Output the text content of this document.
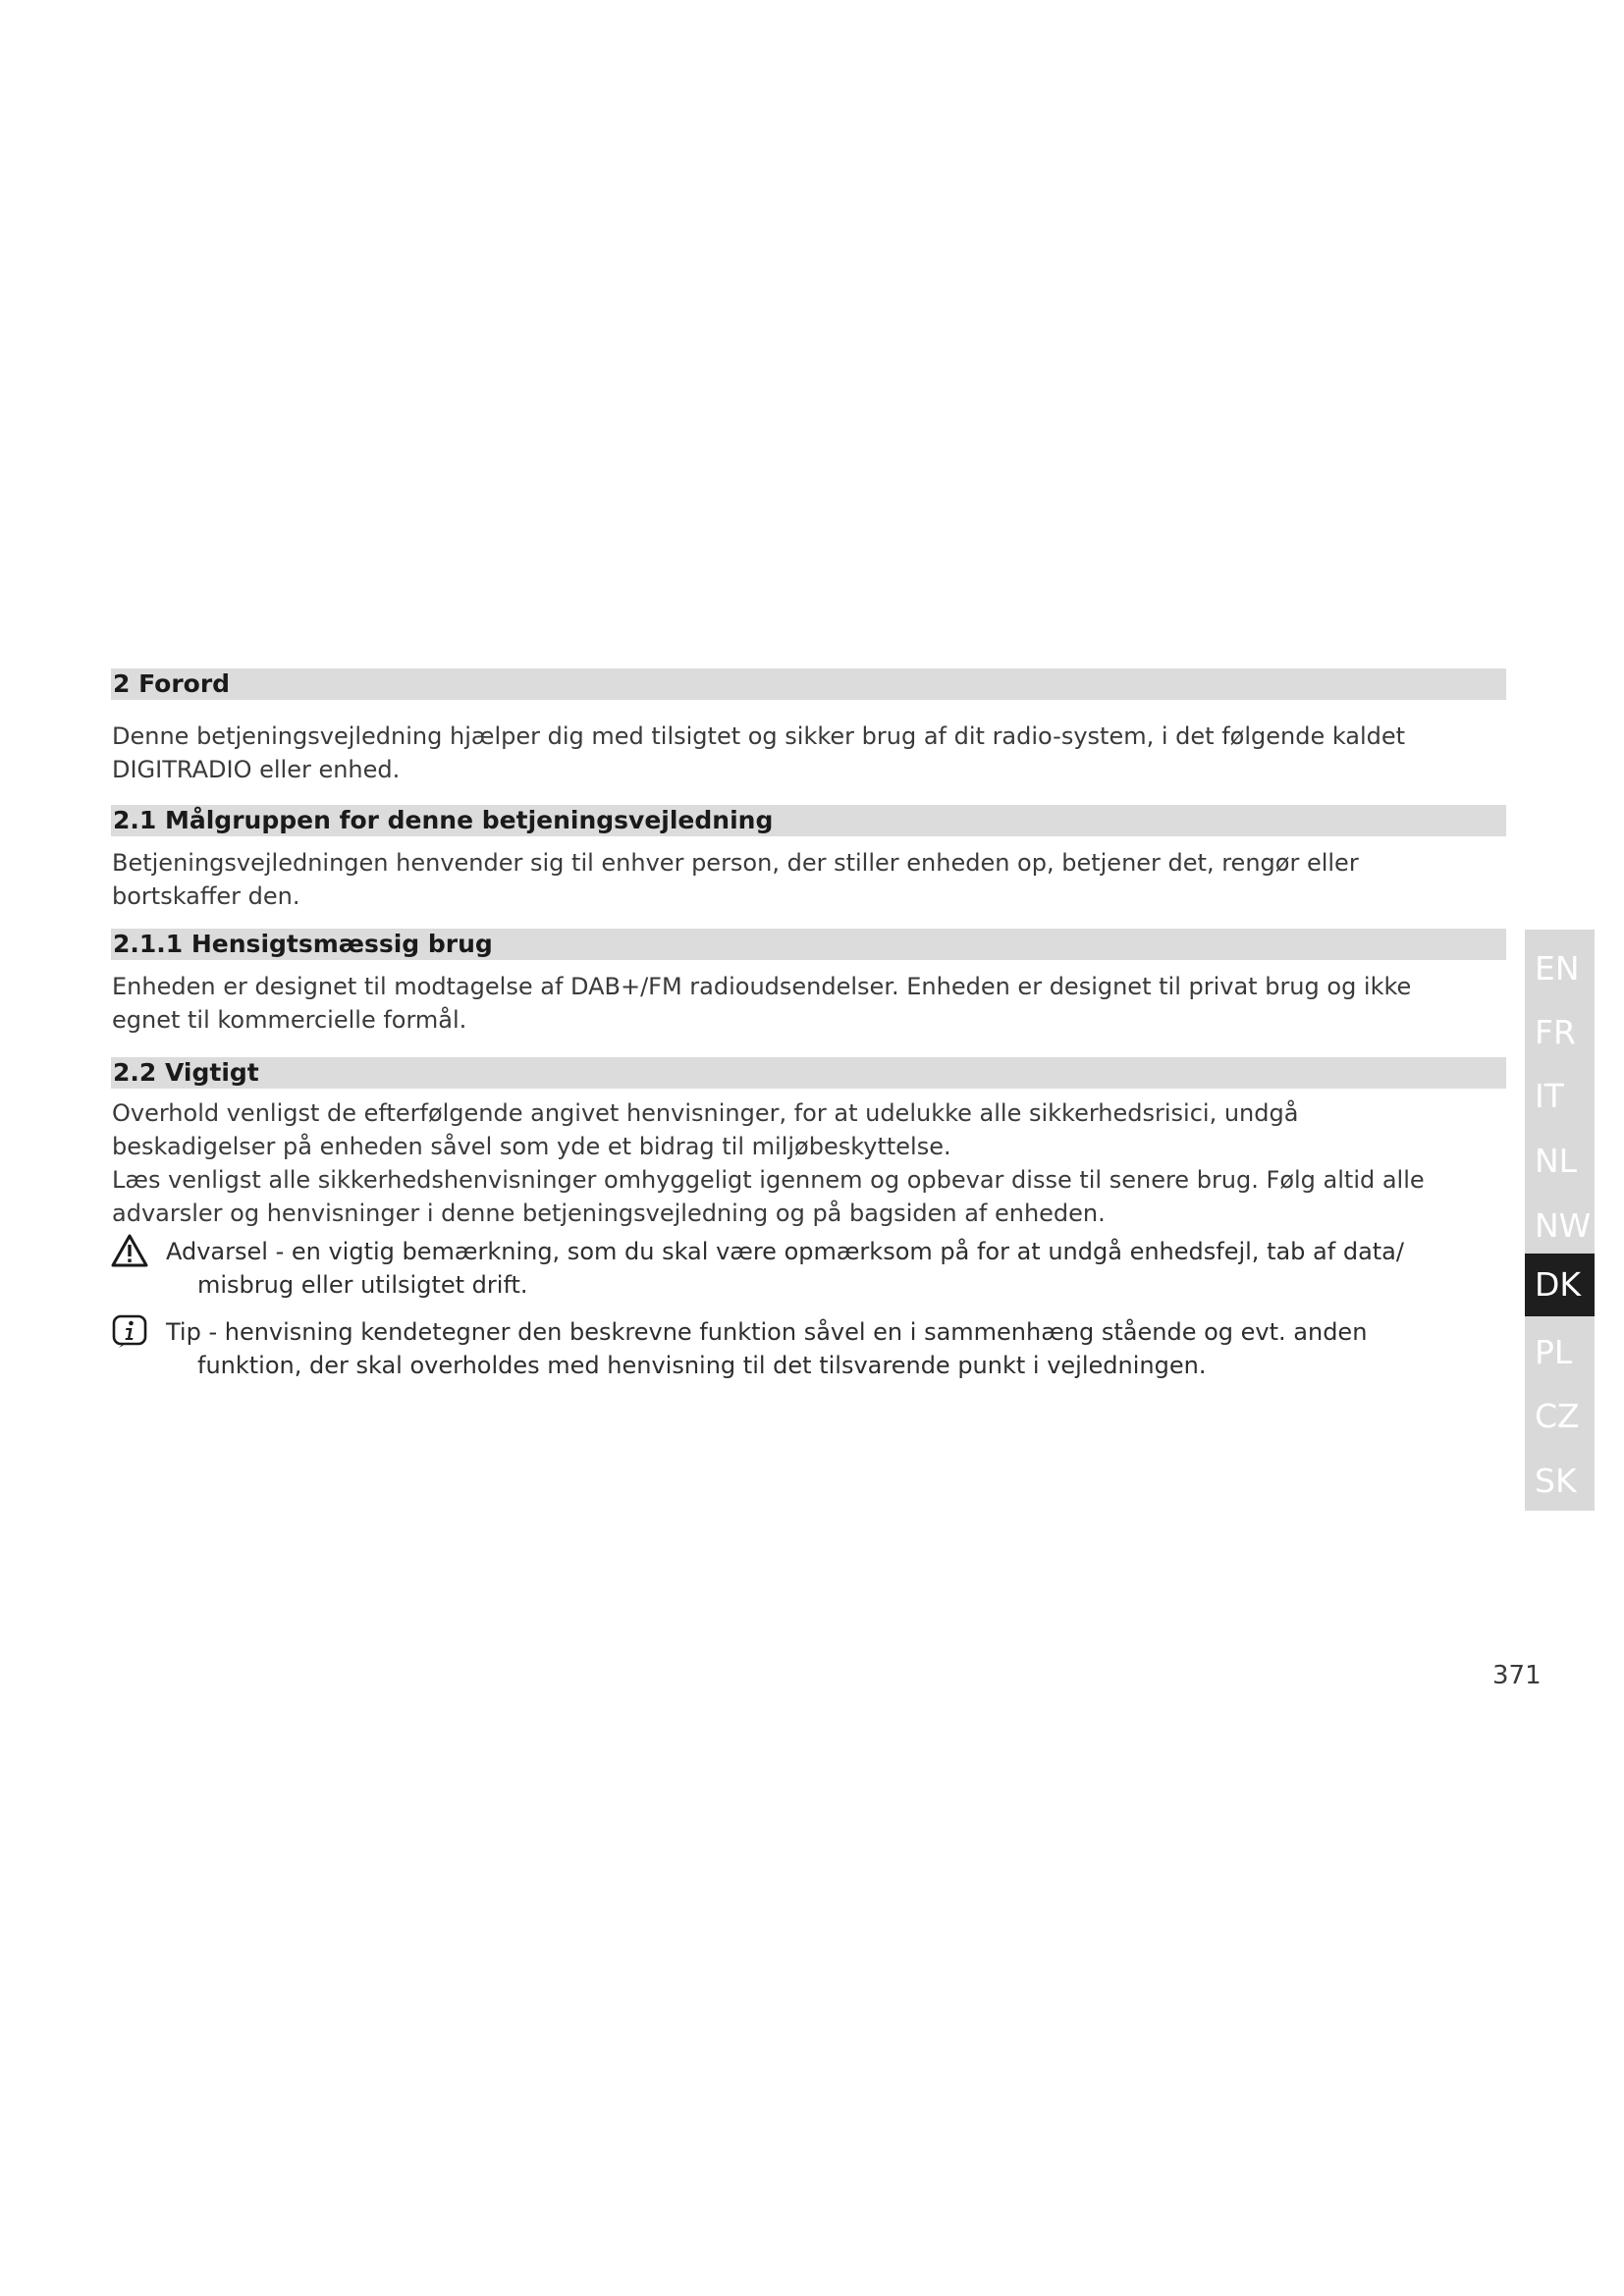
2 Forord
Denne betjeningsvejledning hjælper dig med tilsigtet og sikker brug af dit radio-system, i det følgende kaldet
DIGITRADIO eller enhed.
2.1 Målgruppen for denne betjeningsvejledning
Betjeningsvejledningen henvender sig til enhver person, der stiller enheden op, betjener det, rengør eller
bortskaffer den.
2.1.1 Hensigtsmæssig brug
Enheden er designet til modtagelse af DAB+/FM radioudsendelser. Enheden er designet til privat brug og ikke
egnet til kommercielle formål.
2.2 Vigtigt
Overhold venligst de efterfølgende angivet henvisninger, for at udelukke alle sikkerhedsrisici, undgå
beskadigelser på enheden såvel som yde et bidrag til miljøbeskyttelse.
Læs venligst alle sikkerhedshenvisninger omhyggeligt igennem og opbevar disse til senere brug. Følg altid alle
advarsler og henvisninger i denne betjeningsvejledning og på bagsiden af enheden.
Advarsel - en vigtig bemærkning, som du skal være opmærksom på for at undgå enhedsfejl, tab af data/
misbrug eller utilsigtet drift.
Tip - henvisning kendetegner den beskrevne funktion såvel en i sammenhæng stående og evt. anden
funktion, der skal overholdes med henvisning til det tilsvarende punkt i vejledningen.
EN
FR
IT
NL
NW
DK
PL
CZ
SK
371
